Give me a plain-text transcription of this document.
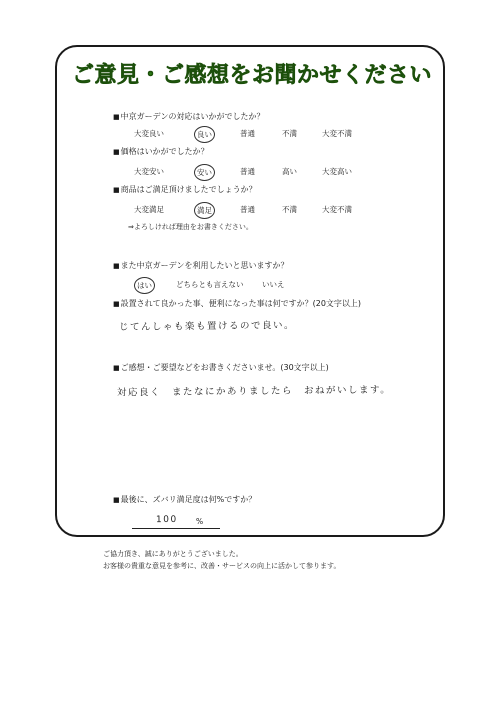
ご意見・ご感想をお聞かせください
■中京ガーデンの対応はいかがでしたか？
大変良い	良い	普通	不満	大変不満
■価格はいかがでしたか？
大変安い	安い	普通	高い	大変高い
■商品はご満足頂けましたでしょうか？
大変満足	満足	普通	不満	大変不満
⇒よろしければ理由をお書きください。
■また中京ガーデンを利用したいと思いますか？
はい	どちらとも言えない いいえ
■設置されて良かった事、便利になった事は何ですか？(20文字以上)
じてんしゃも楽も置けるので良い。
■ご感想・ご要望などをお書きくださいませ。(30文字以上)
対応良く　またなにかありましたら　おねがいします。
■最後に、ズバリ満足度は何%ですか？
100 %
ご協力頂き、誠にありがとうございました。
お客様の貴重な意見を参考に、改善・サービスの向上に活かして参ります。
